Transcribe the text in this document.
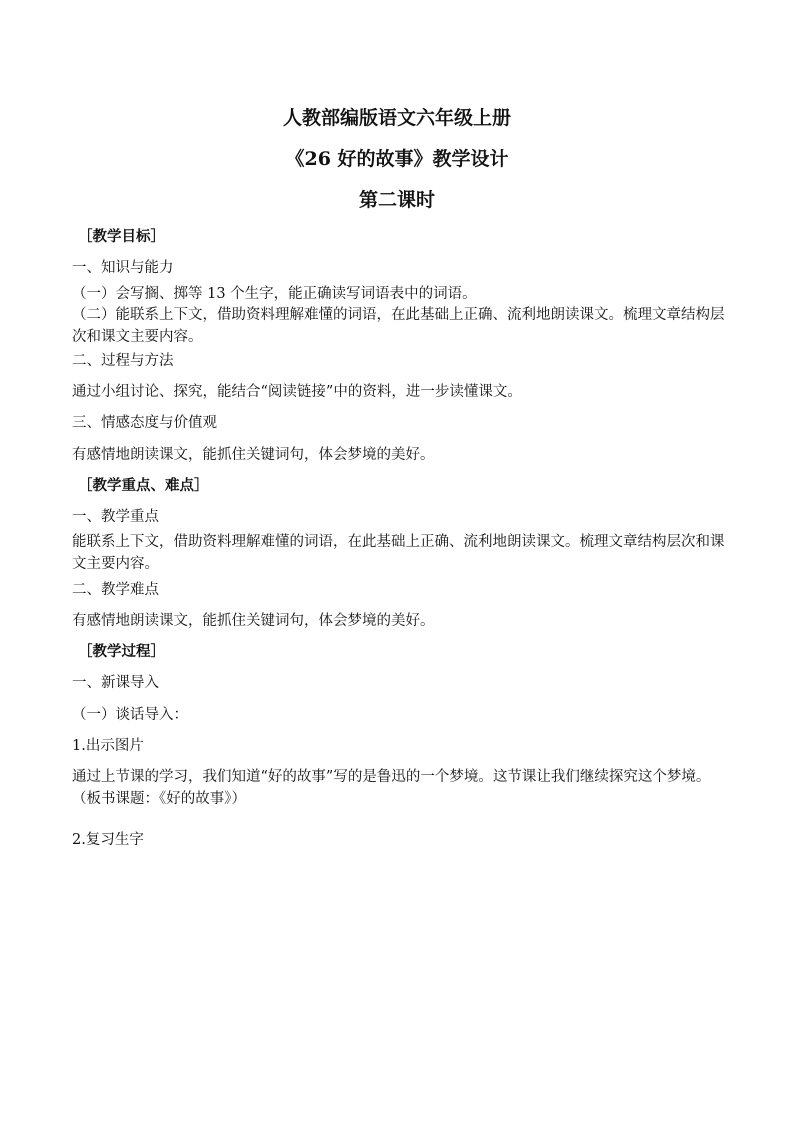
人教部编版语文六年级上册
《26 好的故事》教学设计
第二课时
［教学目标］
一、知识与能力
（一）会写搁、掷等 13 个生字，能正确读写词语表中的词语。
（二）能联系上下文，借助资料理解难懂的词语，在此基础上正确、流利地朗读课文。梳理文章结构层次和课文主要内容。
二、过程与方法
通过小组讨论、探究，能结合“阅读链接”中的资料，进一步读懂课文。
三、情感态度与价值观
有感情地朗读课文，能抓住关键词句，体会梦境的美好。
［教学重点、难点］
一、教学重点
能联系上下文，借助资料理解难懂的词语，在此基础上正确、流利地朗读课文。梳理文章结构层次和课文主要内容。
二、教学难点
有感情地朗读课文，能抓住关键词句，体会梦境的美好。
［教学过程］
一、新课导入
（一）谈话导入：
1.出示图片
通过上节课的学习，我们知道“好的故事”写的是鲁迅的一个梦境。这节课让我们继续探究这个梦境。（板书课题：《好的故事》）
2.复习生字
